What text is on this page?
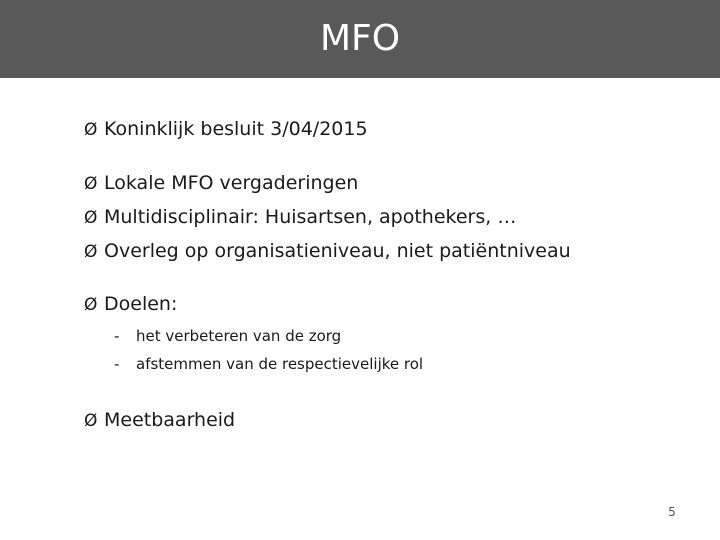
MFO
Ø Koninklijk besluit 3/04/2015
Ø Lokale MFO vergaderingen
Ø Multidisciplinair: Huisartsen, apothekers, …
Ø Overleg op organisatieniveau, niet patiëntniveau
Ø Doelen:
- het verbeteren van de zorg
- afstemmen van de respectievelijke rol
Ø Meetbaarheid
5
